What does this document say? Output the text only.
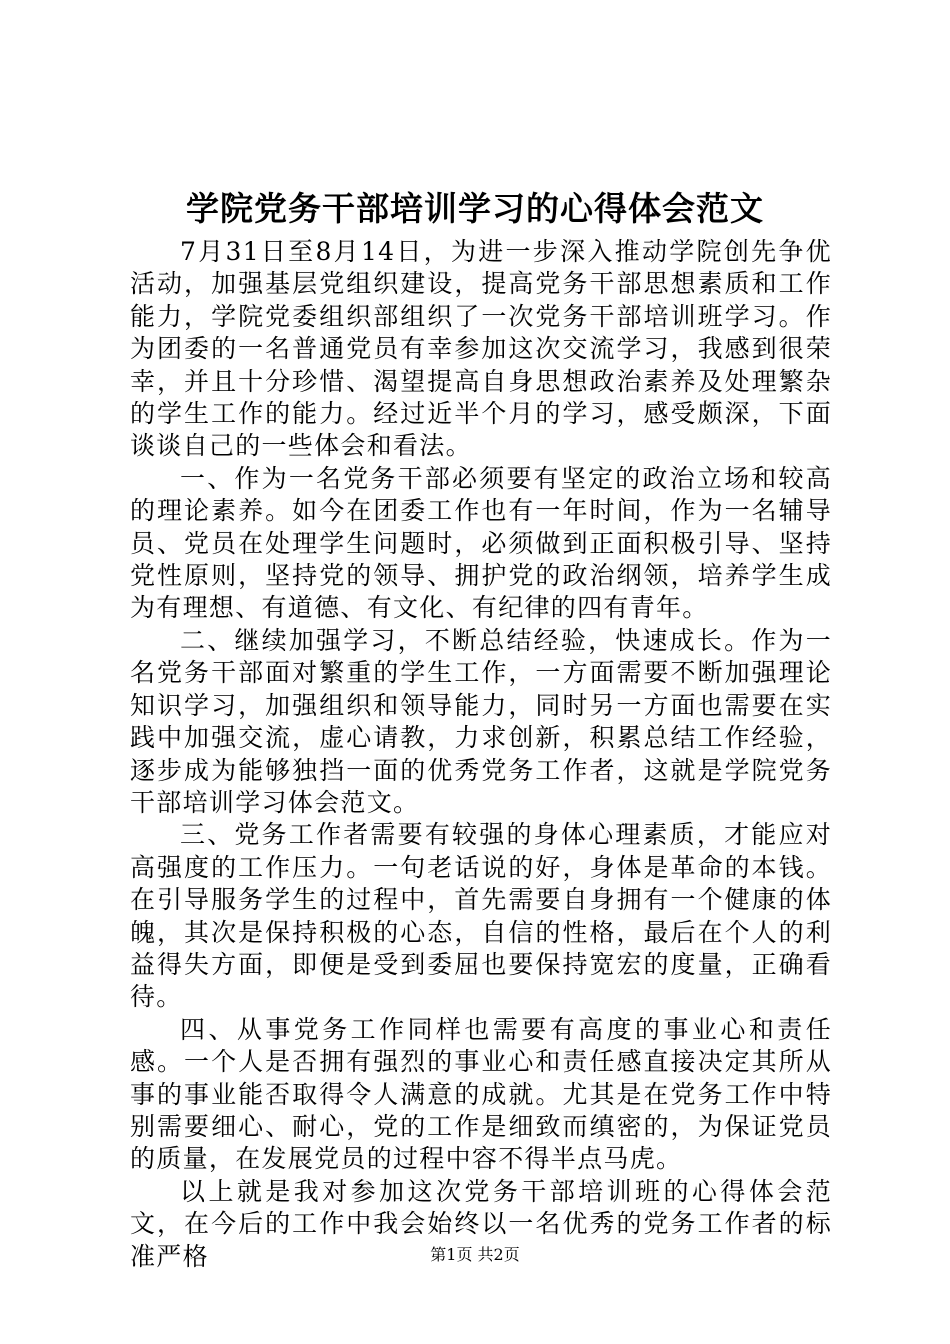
学院党务干部培训学习的心得体会范文

7月31日至8月14日，为进一步深入推动学院创先争优活动，加强基层党组织建设，提高党务干部思想素质和工作能力，学院党委组织部组织了一次党务干部培训班学习。作为团委的一名普通党员有幸参加这次交流学习，我感到很荣幸，并且十分珍惜、渴望提高自身思想政治素养及处理繁杂的学生工作的能力。经过近半个月的学习，感受颇深，下面谈谈自己的一些体会和看法。

一、作为一名党务干部必须要有坚定的政治立场和较高的理论素养。如今在团委工作也有一年时间，作为一名辅导员、党员在处理学生问题时，必须做到正面积极引导、坚持党性原则，坚持党的领导、拥护党的政治纲领，培养学生成为有理想、有道德、有文化、有纪律的四有青年。

二、继续加强学习，不断总结经验，快速成长。作为一名党务干部面对繁重的学生工作，一方面需要不断加强理论知识学习，加强组织和领导能力，同时另一方面也需要在实践中加强交流，虚心请教，力求创新，积累总结工作经验，逐步成为能够独挡一面的优秀党务工作者，这就是学院党务干部培训学习体会范文。

三、党务工作者需要有较强的身体心理素质，才能应对高强度的工作压力。一句老话说的好，身体是革命的本钱。在引导服务学生的过程中，首先需要自身拥有一个健康的体魄，其次是保持积极的心态，自信的性格，最后在个人的利益得失方面，即便是受到委屈也要保持宽宏的度量，正确看待。

四、从事党务工作同样也需要有高度的事业心和责任感。一个人是否拥有强烈的事业心和责任感直接决定其所从事的事业能否取得令人满意的成就。尤其是在党务工作中特别需要细心、耐心，党的工作是细致而缜密的，为保证党员的质量，在发展党员的过程中容不得半点马虎。

以上就是我对参加这次党务干部培训班的心得体会范文，在今后的工作中我会始终以一名优秀的党务工作者的标准严格	第1页 共2页
